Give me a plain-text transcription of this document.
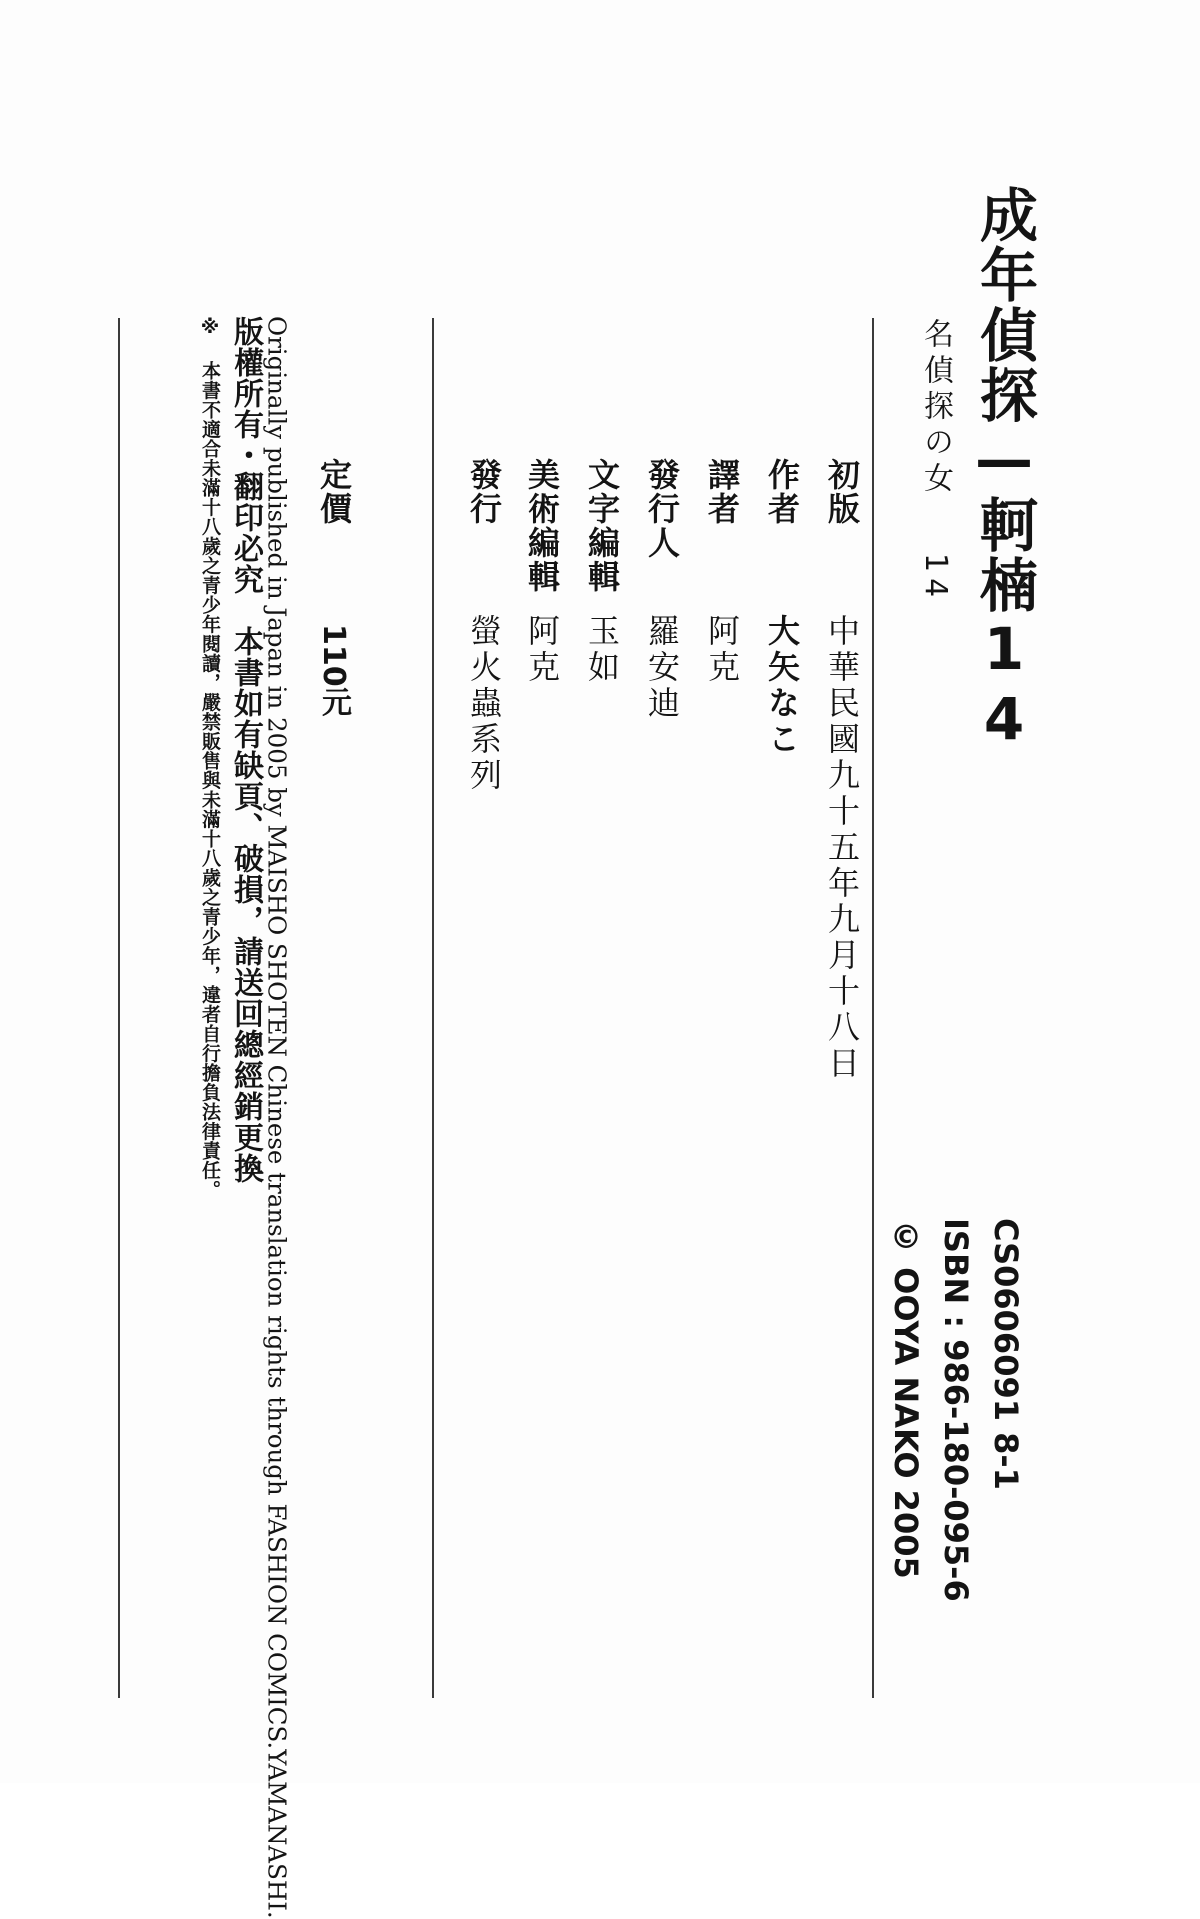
成年偵探—軻楠14
名偵探の女 14
CS0606091 8-1
ISBN : 986-180-095-6
© OOYA NAKO 2005
初版
中華民國九十五年九月十八日
作者
大矢なこ
譯者
阿克
發行人
羅安迪
文字編輯
玉如
美術編輯
阿克
發行
螢火蟲系列
定價
110元
Originally published in Japan in 2005 by MAISHO SHOTEN Chinese translation rights through FASHION COMICS.YAMANASHI.
版權所有・翻印必究　本書如有缺頁、破損，請送回總經銷更換
※ 本書不適合未滿十八歲之青少年閱讀，嚴禁販售與未滿十八歲之青少年，違者自行擔負法律責任。
